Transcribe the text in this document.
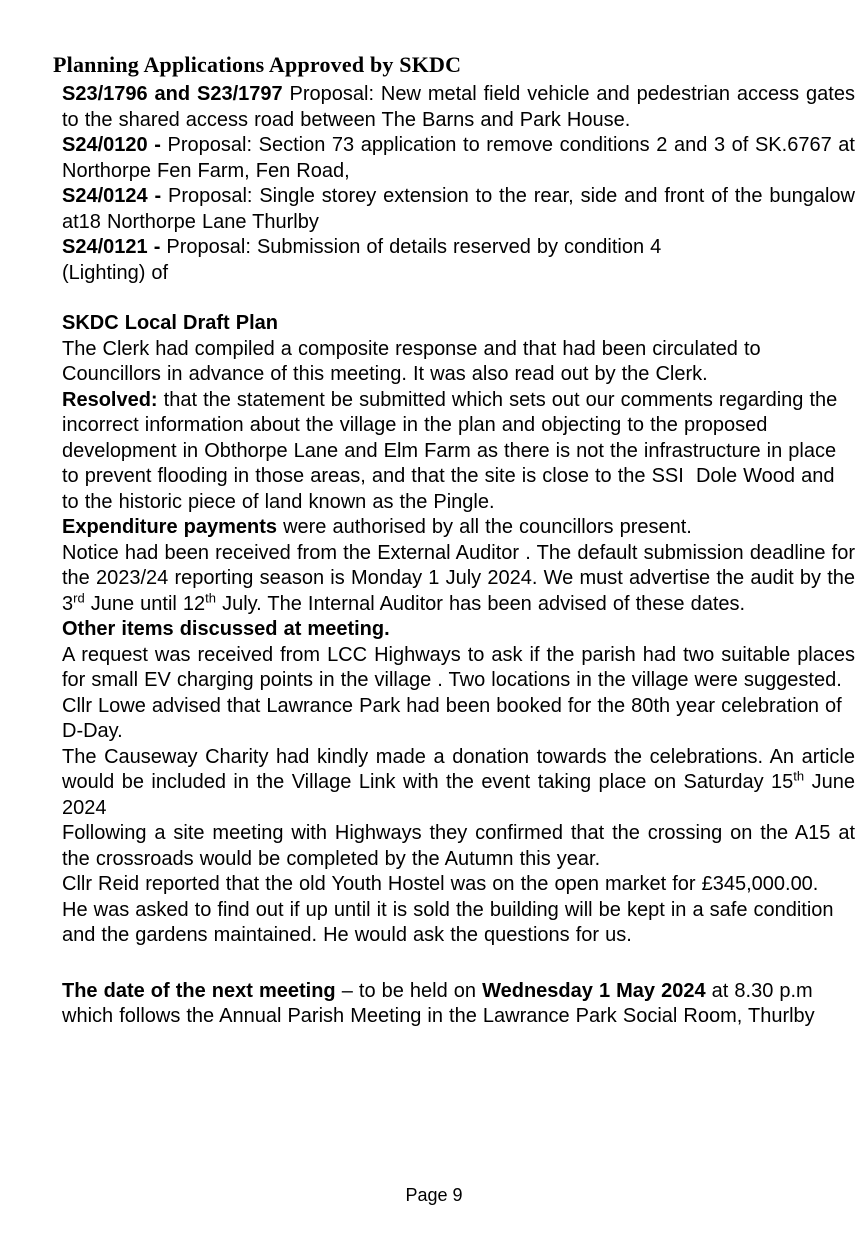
Planning Applications Approved by SKDC
S23/1796 and S23/1797 Proposal: New metal field vehicle and pedestrian access gates to the shared access road between The Barns and Park House.
S24/0120 - Proposal: Section 73 application to remove conditions 2 and 3 of SK.6767 at Northorpe Fen Farm, Fen Road,
S24/0124 - Proposal: Single storey extension to the rear, side and front of the bungalow at18 Northorpe Lane Thurlby
S24/0121 - Proposal: Submission of details reserved by condition 4
(Lighting) of
SKDC Local Draft Plan
The Clerk had compiled a composite response and that had been circulated to Councillors in advance of this meeting. It was also read out by the Clerk.
Resolved: that the statement be submitted which sets out our comments regarding the incorrect information about the village in the plan and objecting to the proposed development in Obthorpe Lane and Elm Farm as there is not the infrastructure in place to prevent flooding in those areas, and that the site is close to the SSI  Dole Wood and to the historic piece of land known as the Pingle.
Expenditure payments were authorised by all the councillors present.
Notice had been received from the External Auditor . The default submission deadline for the 2023/24 reporting season is Monday 1 July 2024. We must advertise the audit by the 3rd June until 12th July. The Internal Auditor has been advised of these dates.
Other items discussed at meeting.
A request was received from LCC Highways to ask if the parish had two suitable places for small EV charging points in the village . Two locations in the village were suggested.
Cllr Lowe advised that Lawrance Park had been booked for the 80th year celebration of D-Day.
The Causeway Charity had kindly made a donation towards the celebrations. An article would be included in the Village Link with the event taking place on Saturday 15th June 2024
Following a site meeting with Highways they confirmed that the crossing on the A15 at the crossroads would be completed by the Autumn this year.
Cllr Reid reported that the old Youth Hostel was on the open market for £345,000.00.  He was asked to find out if up until it is sold the building will be kept in a safe condition and the gardens maintained. He would ask the questions for us.
The date of the next meeting – to be held on Wednesday 1 May 2024 at 8.30 p.m which follows the Annual Parish Meeting in the Lawrance Park Social Room, Thurlby
Page 9
